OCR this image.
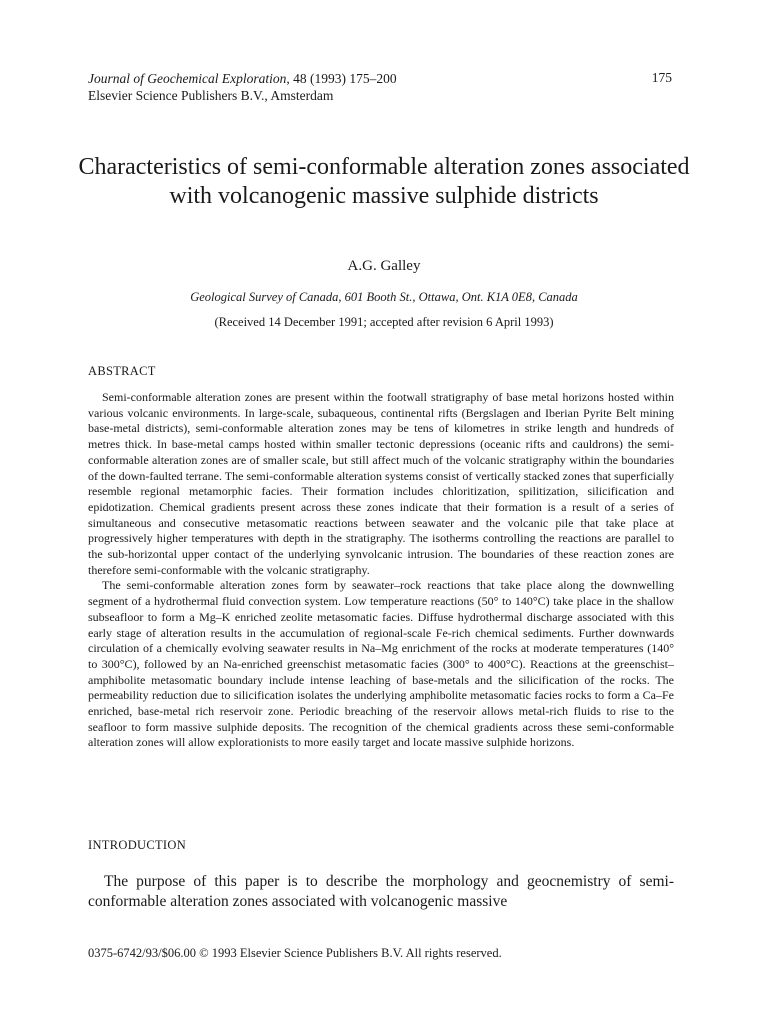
Journal of Geochemical Exploration, 48 (1993) 175–200
Elsevier Science Publishers B.V., Amsterdam
175
Characteristics of semi-conformable alteration zones associated with volcanogenic massive sulphide districts
A.G. Galley
Geological Survey of Canada, 601 Booth St., Ottawa, Ont. K1A 0E8, Canada
(Received 14 December 1991; accepted after revision 6 April 1993)
ABSTRACT

Semi-conformable alteration zones are present within the footwall stratigraphy of base metal horizons hosted within various volcanic environments. In large-scale, subaqueous, continental rifts (Bergslagen and Iberian Pyrite Belt mining base-metal districts), semi-conformable alteration zones may be tens of kilometres in strike length and hundreds of metres thick. In base-metal camps hosted within smaller tectonic depressions (oceanic rifts and cauldrons) the semi-conformable alteration zones are of smaller scale, but still affect much of the volcanic stratigraphy within the boundaries of the down-faulted terrane. The semi-conformable alteration systems consist of vertically stacked zones that superficially resemble regional metamorphic facies. Their formation includes chloritization, spilitization, silicification and epidotization. Chemical gradients present across these zones indicate that their formation is a result of a series of simultaneous and consecutive metasomatic reactions between seawater and the volcanic pile that take place at progressively higher temperatures with depth in the stratigraphy. The isotherms controlling the reactions are parallel to the sub-horizontal upper contact of the underlying synvolcanic intrusion. The boundaries of these reaction zones are therefore semi-conformable with the volcanic stratigraphy.

The semi-conformable alteration zones form by seawater–rock reactions that take place along the downwelling segment of a hydrothermal fluid convection system. Low temperature reactions (50° to 140°C) take place in the shallow subseafloor to form a Mg–K enriched zeolite metasomatic facies. Diffuse hydrothermal discharge associated with this early stage of alteration results in the accumulation of regional-scale Fe-rich chemical sediments. Further downwards circulation of a chemically evolving seawater results in Na–Mg enrichment of the rocks at moderate temperatures (140° to 300°C), followed by an Na-enriched greenschist metasomatic facies (300° to 400°C). Reactions at the greenschist–amphibolite metasomatic boundary include intense leaching of base-metals and the silicification of the rocks. The permeability reduction due to silicification isolates the underlying amphibolite metasomatic facies rocks to form a Ca–Fe enriched, base-metal rich reservoir zone. Periodic breaching of the reservoir allows metal-rich fluids to rise to the seafloor to form massive sulphide deposits. The recognition of the chemical gradients across these semi-conformable alteration zones will allow explorationists to more easily target and locate massive sulphide horizons.

INTRODUCTION

The purpose of this paper is to describe the morphology and geocnemistry of semi-conformable alteration zones associated with volcanogenic massive

0375-6742/93/$06.00 © 1993 Elsevier Science Publishers B.V. All rights reserved.
